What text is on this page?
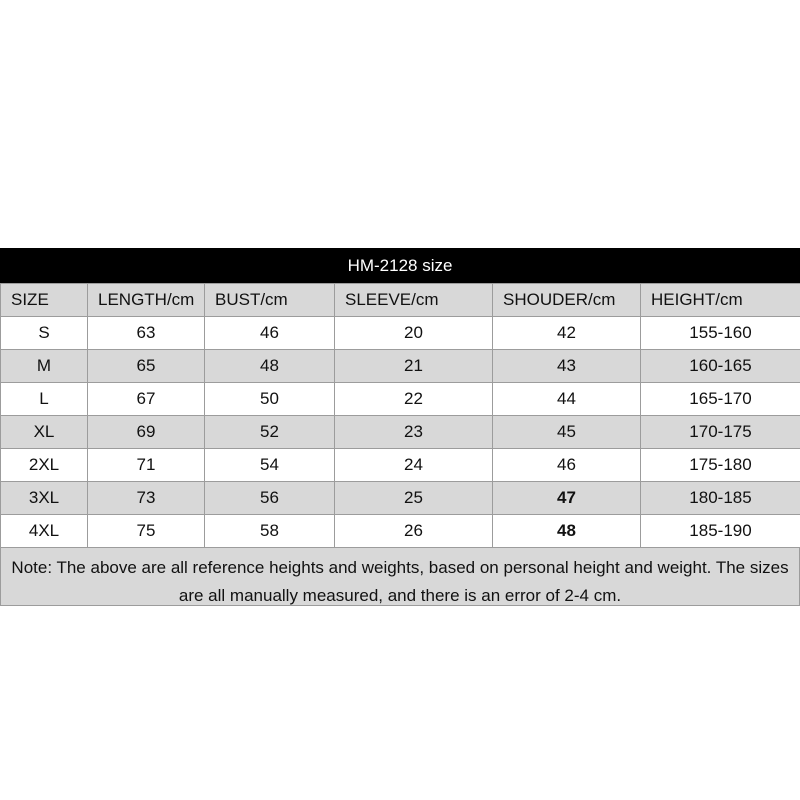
HM-2128 size
SIZE	LENGTH/cm	BUST/cm	SLEEVE/cm	SHOUDER/cm	HEIGHT/cm
S	63	46	20	42	155-160
M	65	48	21	43	160-165
L	67	50	22	44	165-170
XL	69	52	23	45	170-175
2XL	71	54	24	46	175-180
3XL	73	56	25	47	180-185
4XL	75	58	26	48	185-190
Note: The above are all reference heights and weights, based on personal height and weight. The sizes are all manually measured, and there is an error of 2-4 cm.
